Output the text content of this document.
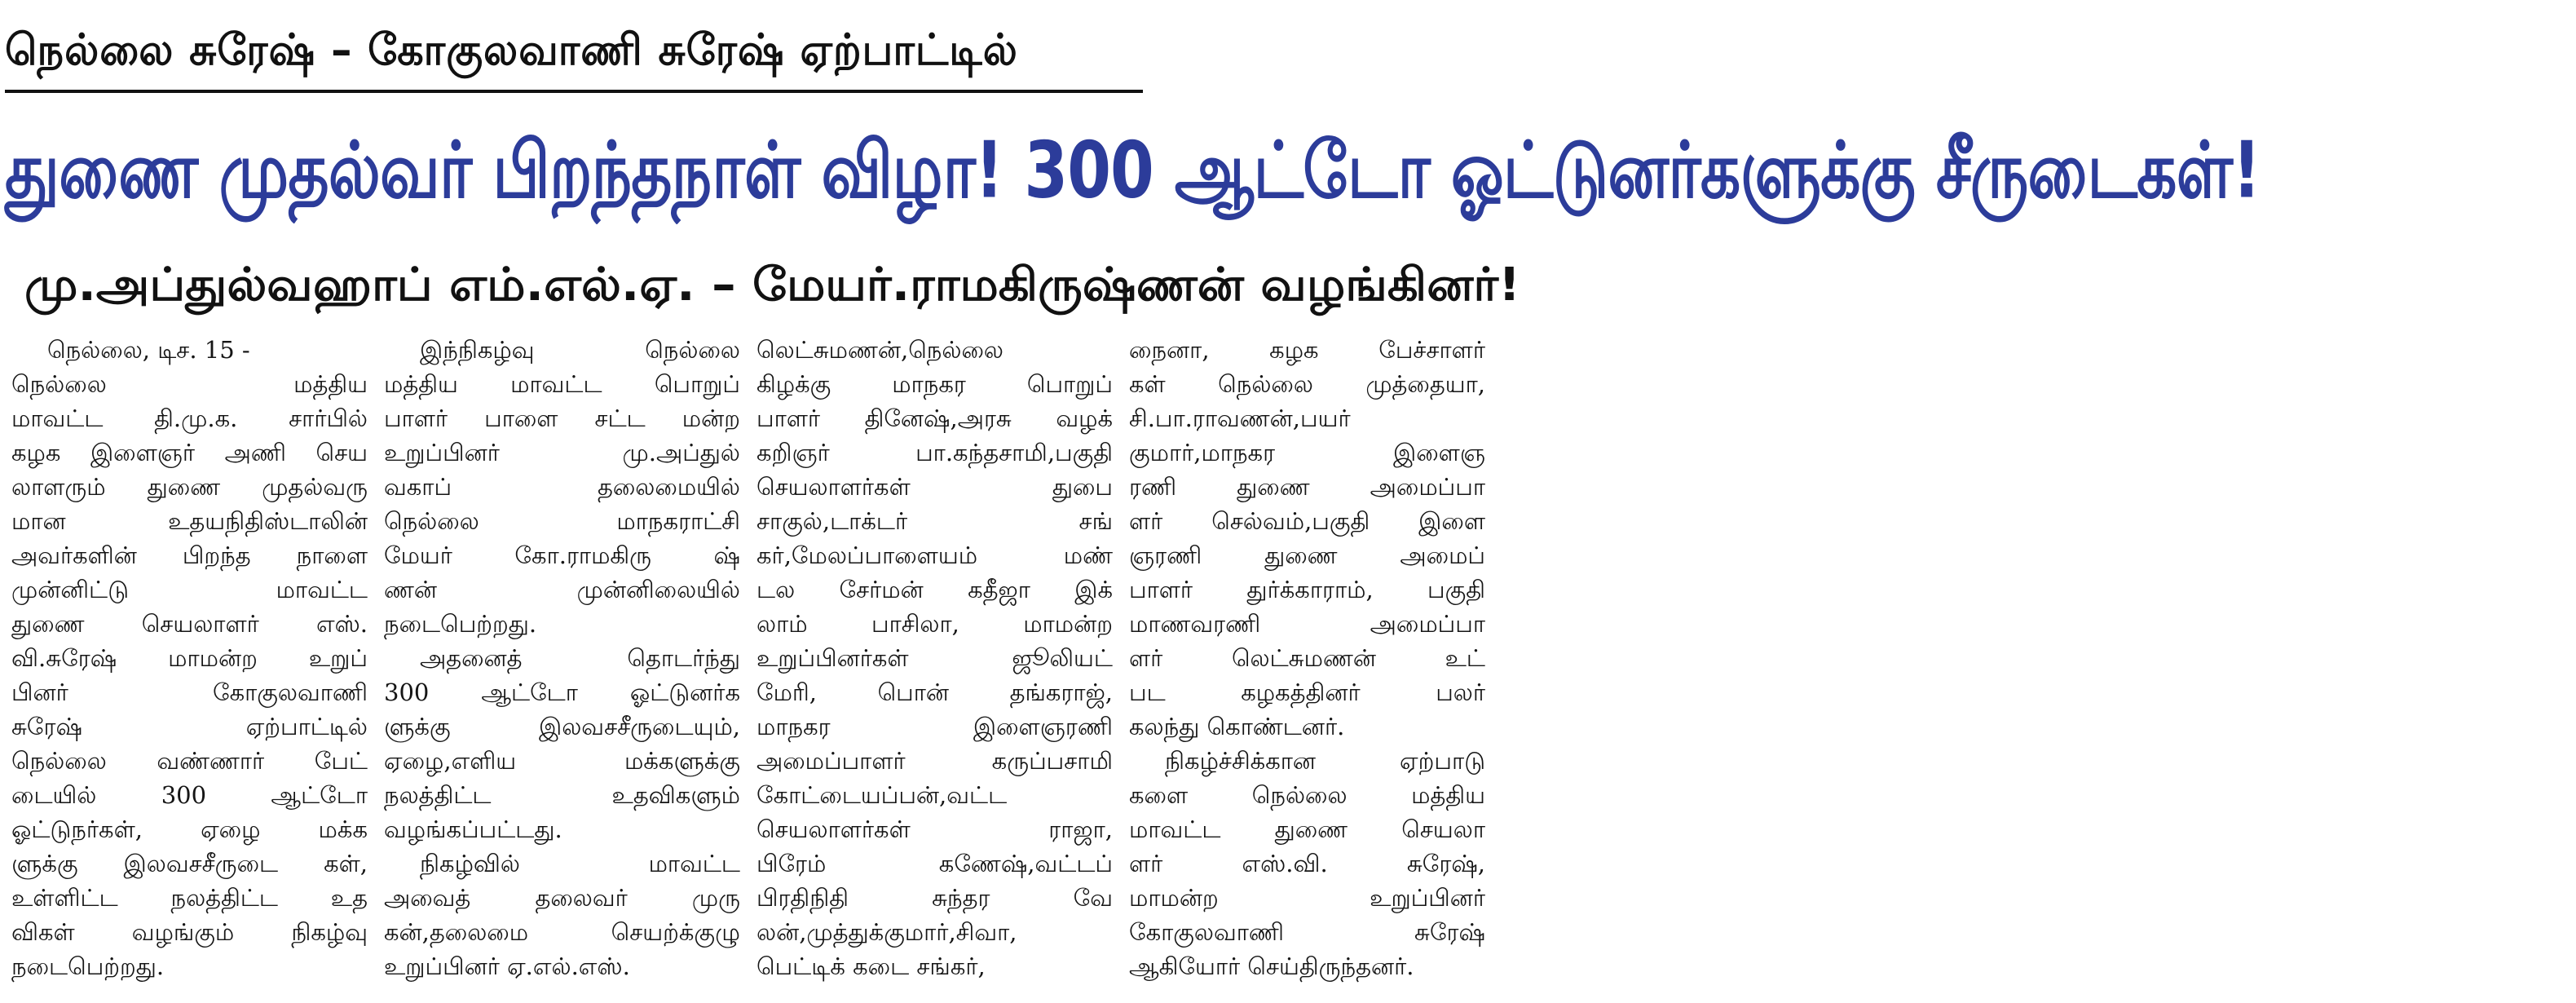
நெல்லை சுரேஷ் – கோகுலவாணி சுரேஷ் ஏற்பாட்டில்
துணை முதல்வர் பிறந்தநாள் விழா! 300 ஆட்டோ ஓட்டுனர்களுக்கு சீருடைகள்!
மு.அப்துல்வஹாப் எம்.எல்.ஏ. – மேயர்.ராமகிருஷ்ணன் வழங்கினர்!
நெல்லை, டிச. 15 -
நெல்லை மத்திய
மாவட்ட தி.மு.க. சார்பில்
கழக இளைஞர் அணி செய
லாளரும் துணை முதல்வரு
மான உதயநிதிஸ்டாலின்
அவர்களின் பிறந்த நாளை
முன்னிட்டு மாவட்ட
துணை செயலாளர் எஸ்.
வி.சுரேஷ் மாமன்ற உறுப்
பினர் கோகுலவாணி
சுரேஷ் ஏற்பாட்டில்
நெல்லை வண்ணார் பேட்
டையில் 300 ஆட்டோ
ஓட்டுநர்கள், ஏழை மக்க
ளுக்கு இலவசசீருடை கள்,
உள்ளிட்ட நலத்திட்ட உத
விகள் வழங்கும் நிகழ்வு
நடைபெற்றது.
இந்நிகழ்வு நெல்லை
மத்திய மாவட்ட பொறுப்
பாளர் பாளை சட்ட மன்ற
உறுப்பினர் மு.அப்துல்
வகாப் தலைமையில்
நெல்லை மாநகராட்சி
மேயர் கோ.ராமகிரு ஷ்
ணன் முன்னிலையில்
நடைபெற்றது.
அதனைத் தொடர்ந்து
300 ஆட்டோ ஓட்டுனர்க
ளுக்கு இலவசசீருடையும்,
ஏழை,எளிய மக்களுக்கு
நலத்திட்ட உதவிகளும்
வழங்கப்பட்டது.
நிகழ்வில் மாவட்ட
அவைத் தலைவர் முரு
கன்,தலைமை செயற்க்குழு
உறுப்பினர் ஏ.எல்.எஸ்.
லெட்சுமணன்,நெல்லை
கிழக்கு மாநகர பொறுப்
பாளர் தினேஷ்,அரசு வழக்
கறிஞர் பா.கந்தசாமி,பகுதி
செயலாளர்கள் துபை
சாகுல்,டாக்டர் சங்
கர்,மேலப்பாளையம் மண்
டல சேர்மன் கதீஜா இக்
லாம் பாசிலா, மாமன்ற
உறுப்பினர்கள் ஜூலியட்
மேரி, பொன் தங்கராஜ்,
மாநகர இளைஞரணி
அமைப்பாளர் கருப்பசாமி
கோட்டையப்பன்,வட்ட
செயலாளர்கள் ராஜா,
பிரேம் கணேஷ்,வட்டப்
பிரதிநிதி சுந்தர வே
லன்,முத்துக்குமார்,சிவா,
பெட்டிக் கடை சங்கர்,
நைனா, கழக பேச்சாளர்
கள் நெல்லை முத்தையா,
சி.பா.ராவணன்,பயர்
குமார்,மாநகர இளைஞ
ரணி துணை அமைப்பா
ளர் செல்வம்,பகுதி இளை
ஞரணி துணை அமைப்
பாளர் துர்க்காராம், பகுதி
மாணவரணி அமைப்பா
ளர் லெட்சுமணன் உட்
பட கழகத்தினர் பலர்
கலந்து கொண்டனர்.
நிகழ்ச்சிக்கான ஏற்பாடு
களை நெல்லை மத்திய
மாவட்ட துணை செயலா
ளர் எஸ்.வி. சுரேஷ்,
மாமன்ற உறுப்பினர்
கோகுலவாணி சுரேஷ்
ஆகியோர் செய்திருந்தனர்.
